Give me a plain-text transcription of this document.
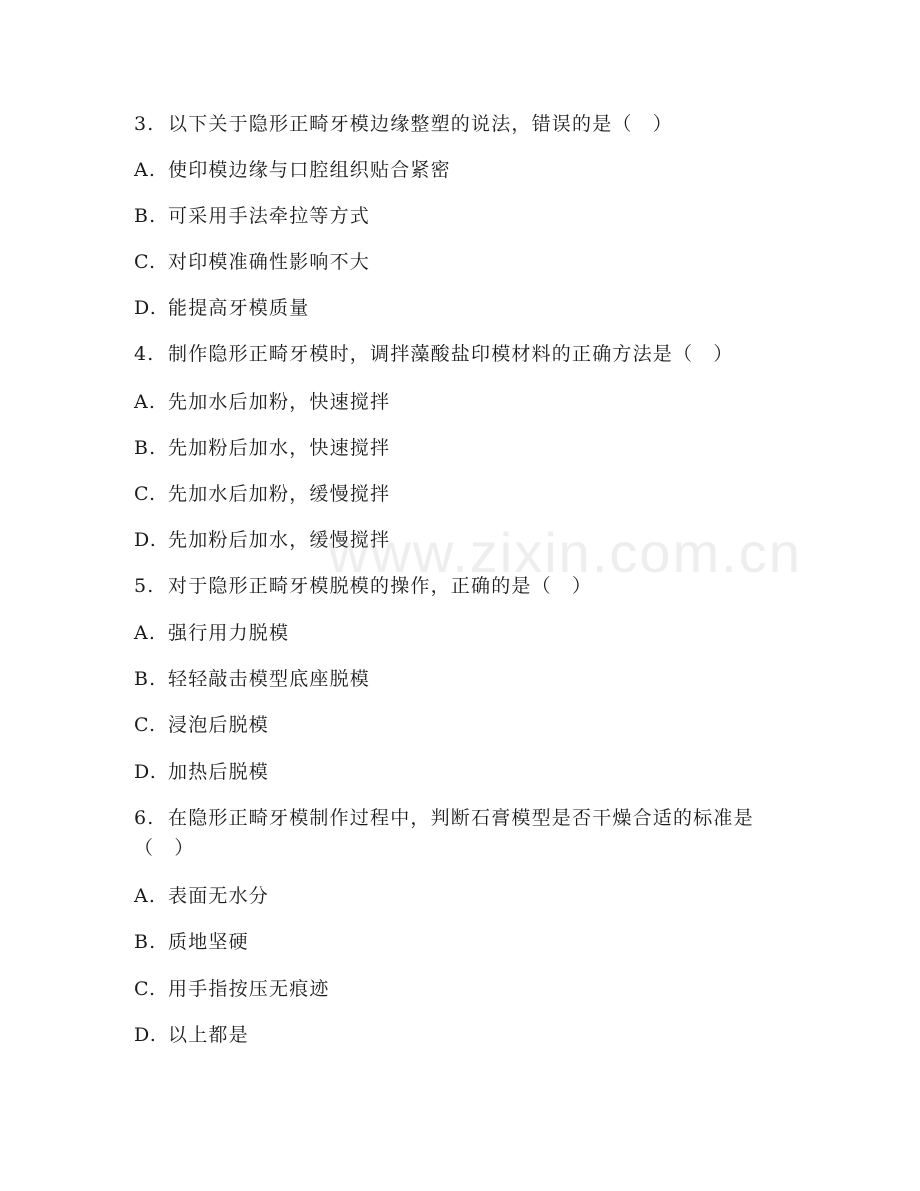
3. 以下关于隐形正畸牙模边缘整塑的说法，错误的是（　）
A. 使印模边缘与口腔组织贴合紧密
B. 可采用手法牵拉等方式
C. 对印模准确性影响不大
D. 能提高牙模质量
4. 制作隐形正畸牙模时，调拌藻酸盐印模材料的正确方法是（　）
A. 先加水后加粉，快速搅拌
B. 先加粉后加水，快速搅拌
C. 先加水后加粉，缓慢搅拌
D. 先加粉后加水，缓慢搅拌
5. 对于隐形正畸牙模脱模的操作，正确的是（　）
A. 强行用力脱模
B. 轻轻敲击模型底座脱模
C. 浸泡后脱模
D. 加热后脱模
6. 在隐形正畸牙模制作过程中，判断石膏模型是否干燥合适的标准是
（　）
A. 表面无水分
B. 质地坚硬
C. 用手指按压无痕迹
D. 以上都是
www.zixin.com.cn
